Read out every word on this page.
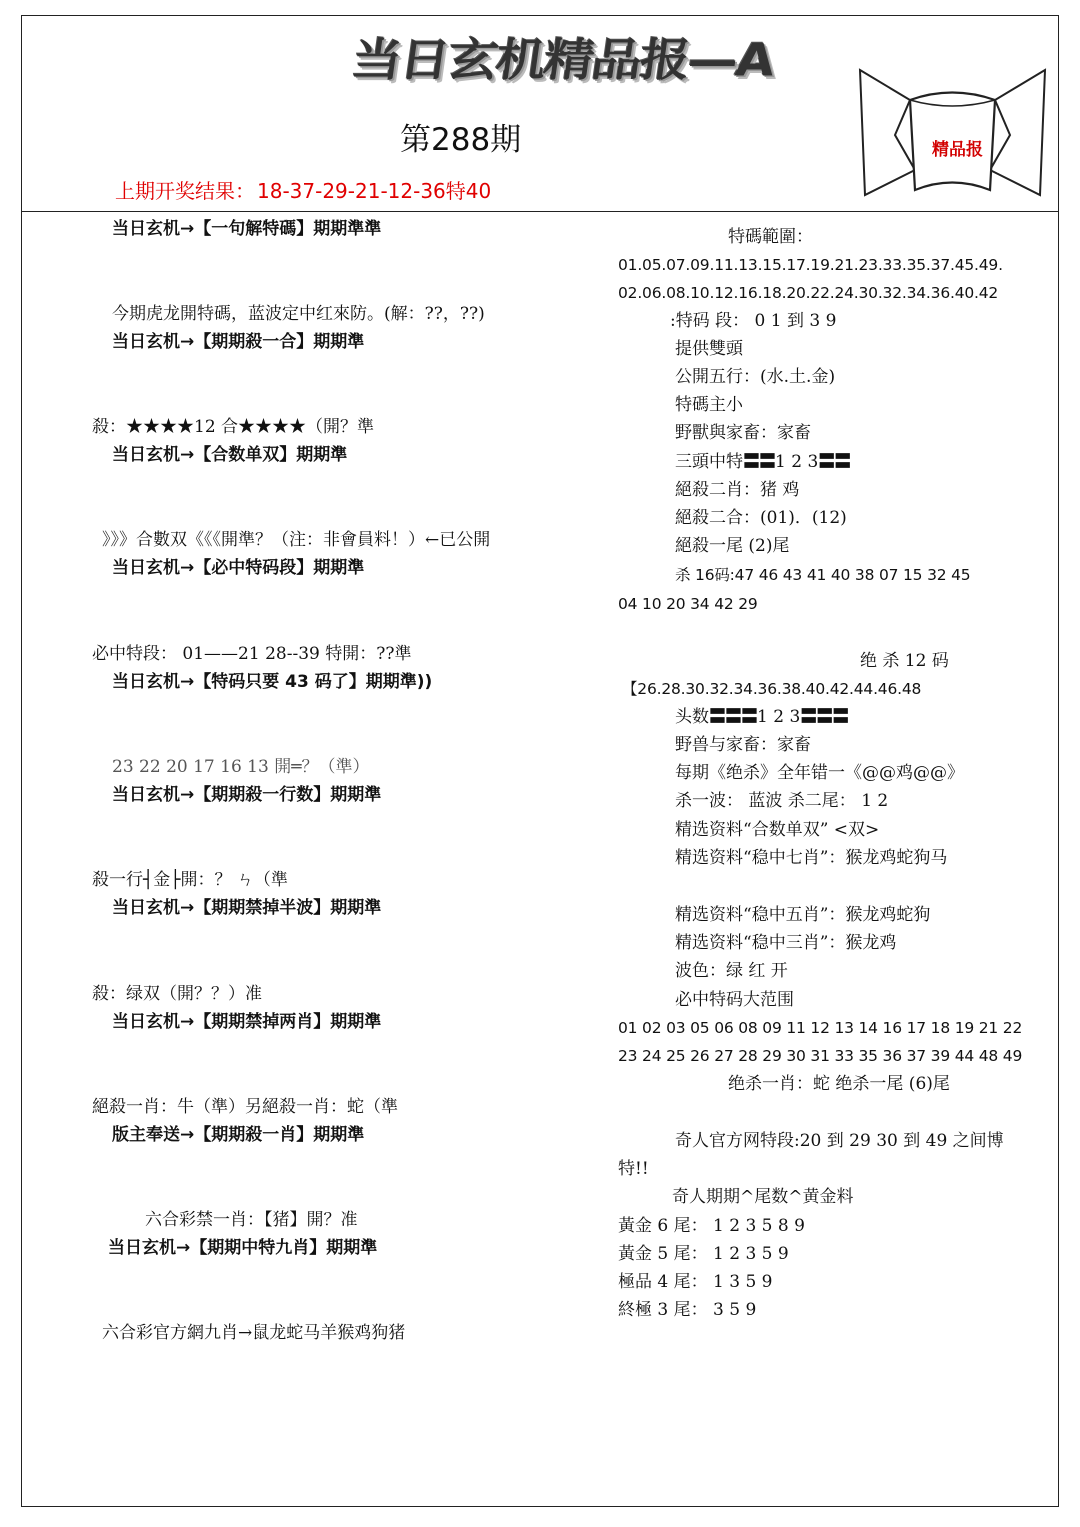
当日玄机精品报—A
第288期
上期开奖结果： 18-37-29-21-12-36特40
精品报
当日玄机→【一句解特碼】期期準準
今期虎龙開特碼，蓝波定中红來防。(解：??，??)
当日玄机→【期期殺一合】期期準
殺：★★★★12 合★★★★（開？準
当日玄机→【合数单双】期期準
》》》合數双《《《開準？（注：非會員料！）←已公開
当日玄机→【必中特码段】期期準
必中特段： 01——21 28--39 特開：??準
当日玄机→【特码只要 43 码了】期期準))
23 22 20 17 16 13 開═？（準）
当日玄机→【期期殺一行数】期期準
殺一行┤金├開：？ ㄣ（準
当日玄机→【期期禁掉半波】期期準
殺：绿双（開？？）准
当日玄机→【期期禁掉两肖】期期準
絕殺一肖：牛（準）另絕殺一肖：蛇（準
版主奉送→【期期殺一肖】期期準
六合彩禁一肖：【猪】開？准
当日玄机→【期期中特九肖】期期準
六合彩官方網九肖→鼠龙蛇马羊猴鸡狗猪
特碼範圍：
01.05.07.09.11.13.15.17.19.21.23.33.35.37.45.49.
02.06.08.10.12.16.18.20.22.24.30.32.34.36.40.42
:特码 段： 0 1 到 3 9
提供雙頭
公開五行：(水.土.金)
特碼主小
野獸與家畜：家畜
三頭中特〓〓1 2 3〓〓
絕殺二肖：猪 鸡
絕殺二合：(01)．(12)
絕殺一尾 (2)尾
杀 16码:47 46 43 41 40 38 07 15 32 45
04 10 20 34 42 29
绝 杀 12 码
【26.28.30.32.34.36.38.40.42.44.46.48
头数〓〓〓1 2 3〓〓〓
野兽与家畜：家畜
每期《绝杀》全年错一《@@鸡@@》
杀一波： 蓝波 杀二尾： 1 2
精选资料“合数单双” <双>
精选资料“稳中七肖”：猴龙鸡蛇狗马
精选资料“稳中五肖”：猴龙鸡蛇狗
精选资料“稳中三肖”：猴龙鸡
波色：绿 红 开
必中特码大范围
01 02 03 05 06 08 09 11 12 13 14 16 17 18 19 21 22
23 24 25 26 27 28 29 30 31 33 35 36 37 39 44 48 49
绝杀一肖：蛇 绝杀一尾 (6)尾
奇人官方网特段:20 到 29 30 到 49 之间博
特!!
奇人期期^尾数^黄金料
黃金 6 尾： 1 2 3 5 8 9
黃金 5 尾： 1 2 3 5 9
極品 4 尾： 1 3 5 9
終極 3 尾： 3 5 9
